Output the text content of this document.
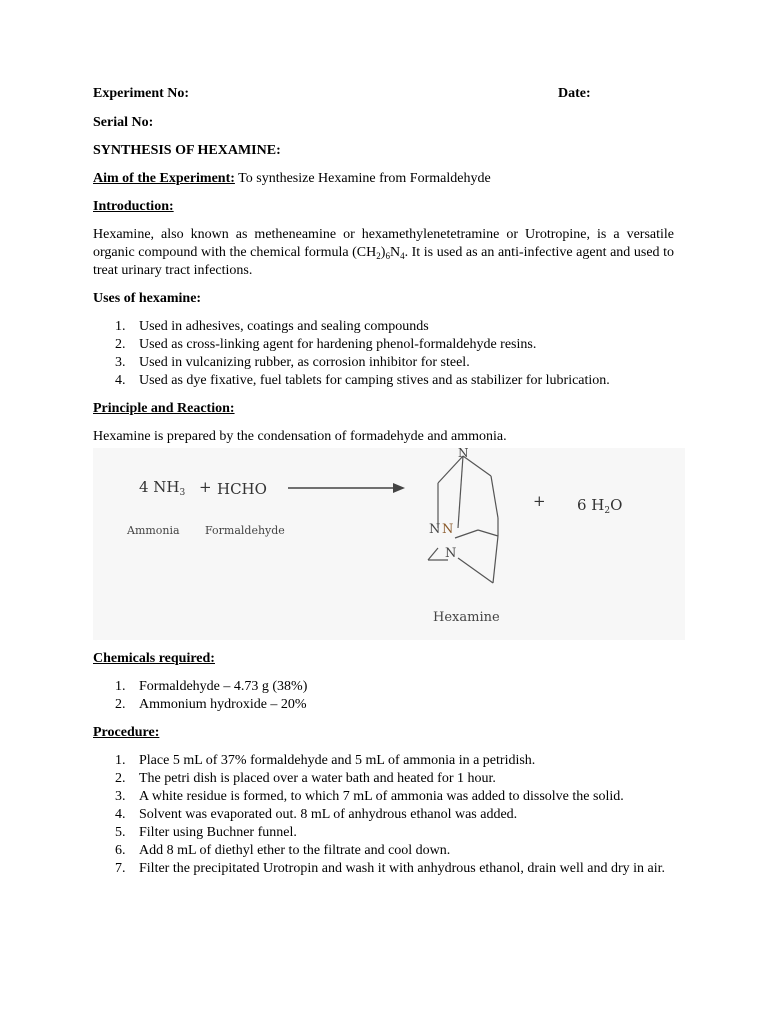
Experiment No:	Date:
Serial No:
SYNTHESIS OF HEXAMINE:
Aim of the Experiment: To synthesize Hexamine from Formaldehyde
Introduction:
Hexamine, also known as metheneamine or hexamethylenetetramine or Urotropine, is a versatile organic compound with the chemical formula $(CH_2)_6N_4$. It is used as an anti-infective agent and used to treat urinary tract infections.
Uses of hexamine:
1. Used in adhesives, coatings and sealing compounds
2. Used as cross-linking agent for hardening phenol-formaldehyde resins.
3. Used in vulcanizing rubber, as corrosion inhibitor for steel.
4. Used as dye fixative, fuel tablets for camping stives and as stabilizer for lubrication.
Principle and Reaction:
Hexamine is prepared by the condensation of formadehyde and ammonia.
4 $NH_3$ + HCHO
Ammonia Formaldehyde
N
N N
N
Hexamine
+ 6 $H_2O$
Chemicals required:
1. Formaldehyde – 4.73 g (38%)
2. Ammonium hydroxide – 20%
Procedure:
1. Place 5 mL of 37% formaldehyde and 5 mL of ammonia in a petridish.
2. The petri dish is placed over a water bath and heated for 1 hour.
3. A white residue is formed, to which 7 mL of ammonia was added to dissolve the solid.
4. Solvent was evaporated out. 8 mL of anhydrous ethanol was added.
5. Filter using Buchner funnel.
6. Add 8 mL of diethyl ether to the filtrate and cool down.
7. Filter the precipitated Urotropin and wash it with anhydrous ethanol, drain well and dry in air.
